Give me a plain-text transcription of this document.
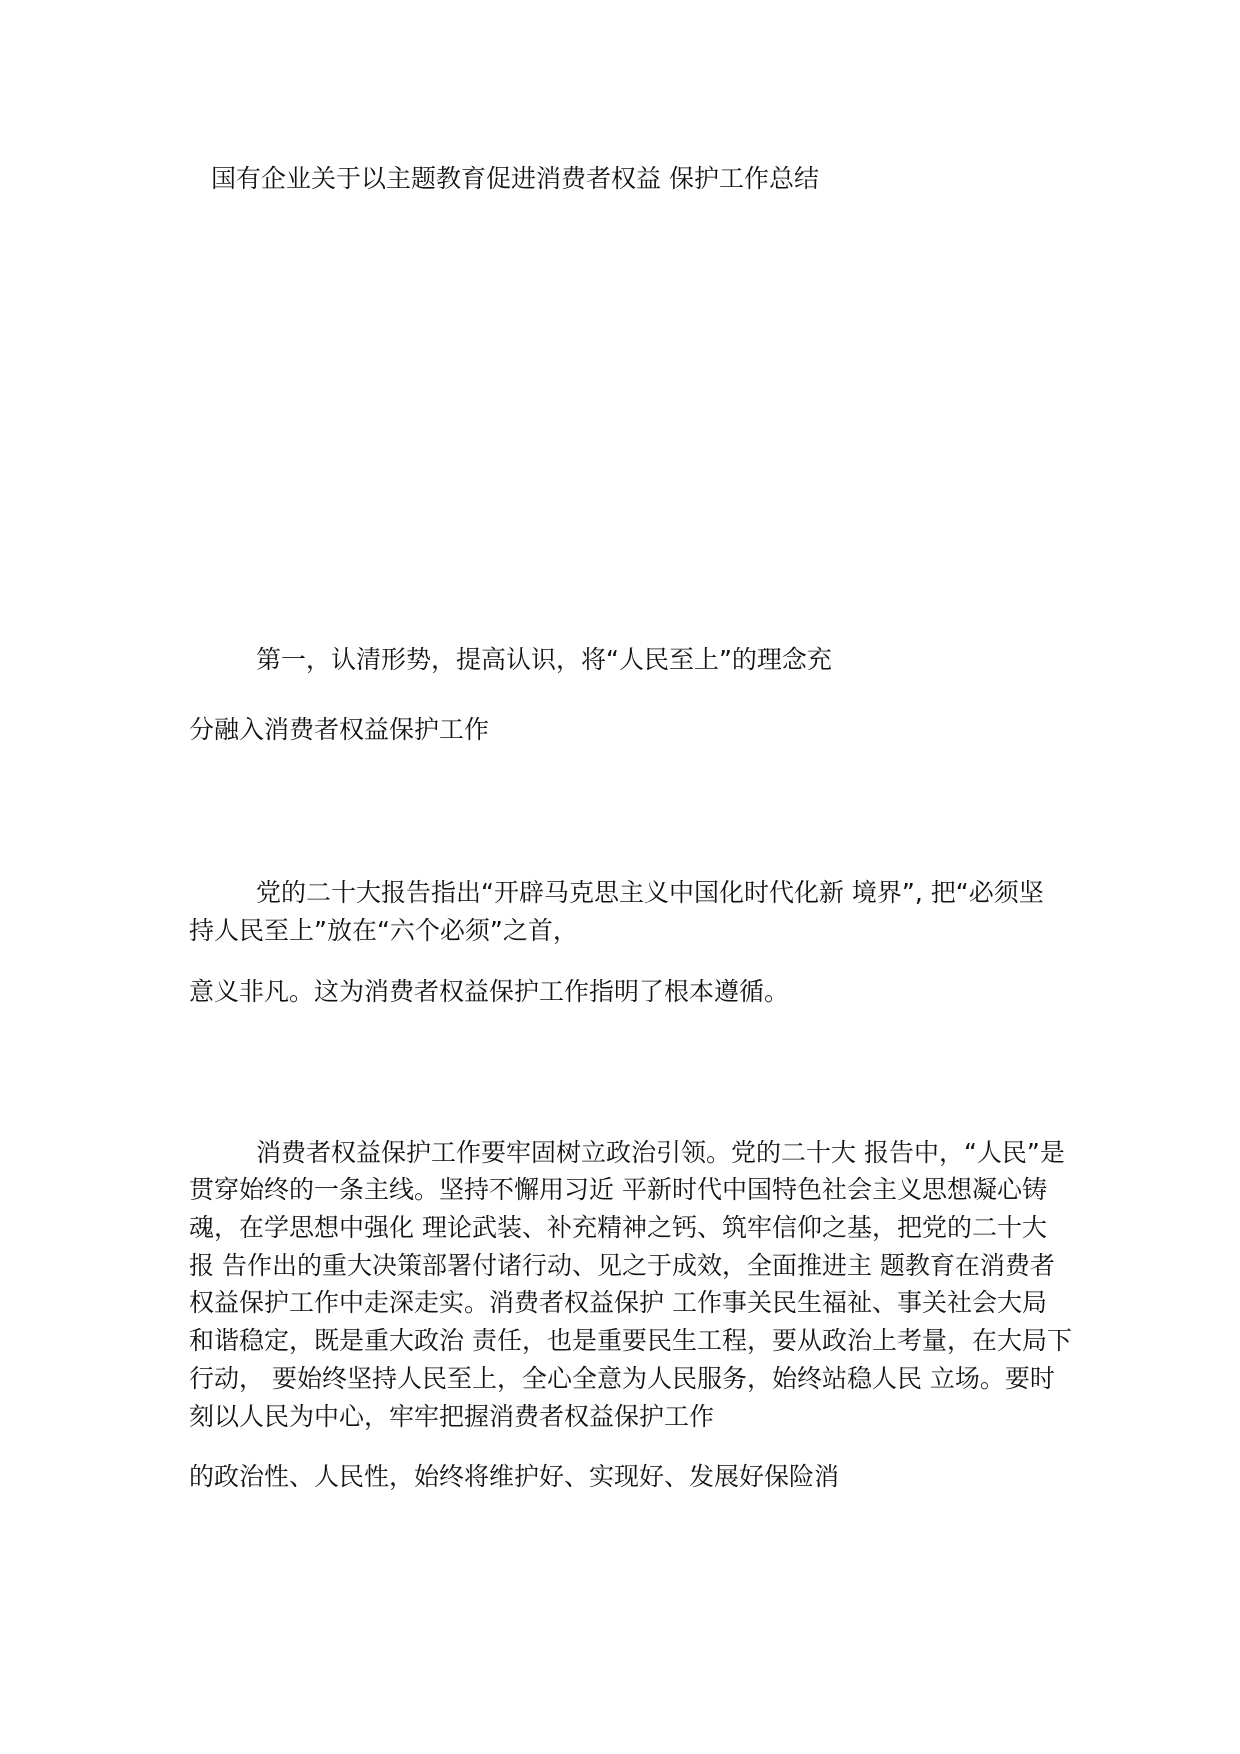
国有企业关于以主题教育促进消费者权益 保护工作总结
第一，认清形势，提高认识，将“人民至上”的理念充
分融入消费者权益保护工作
党的二十大报告指出“开辟马克思主义中国化时代化新 境界”, 把“必须坚
持人民至上”放在“六个必须”之首，
意义非凡。这为消费者权益保护工作指明了根本遵循。
消费者权益保护工作要牢固树立政治引领。党的二十大 报告中，“人民”是
贯穿始终的一条主线。坚持不懈用习近 平新时代中国特色社会主义思想凝心铸
魂，在学思想中强化 理论武装、补充精神之钙、筑牢信仰之基，把党的二十大
报 告作出的重大决策部署付诸行动、见之于成效，全面推进主 题教育在消费者
权益保护工作中走深走实。消费者权益保护 工作事关民生福祉、事关社会大局
和谐稳定，既是重大政治 责任，也是重要民生工程，要从政治上考量，在大局下
行动， 要始终坚持人民至上，全心全意为人民服务，始终站稳人民 立场。要时
刻以人民为中心，牢牢把握消费者权益保护工作
的政治性、人民性，始终将维护好、实现好、发展好保险消
